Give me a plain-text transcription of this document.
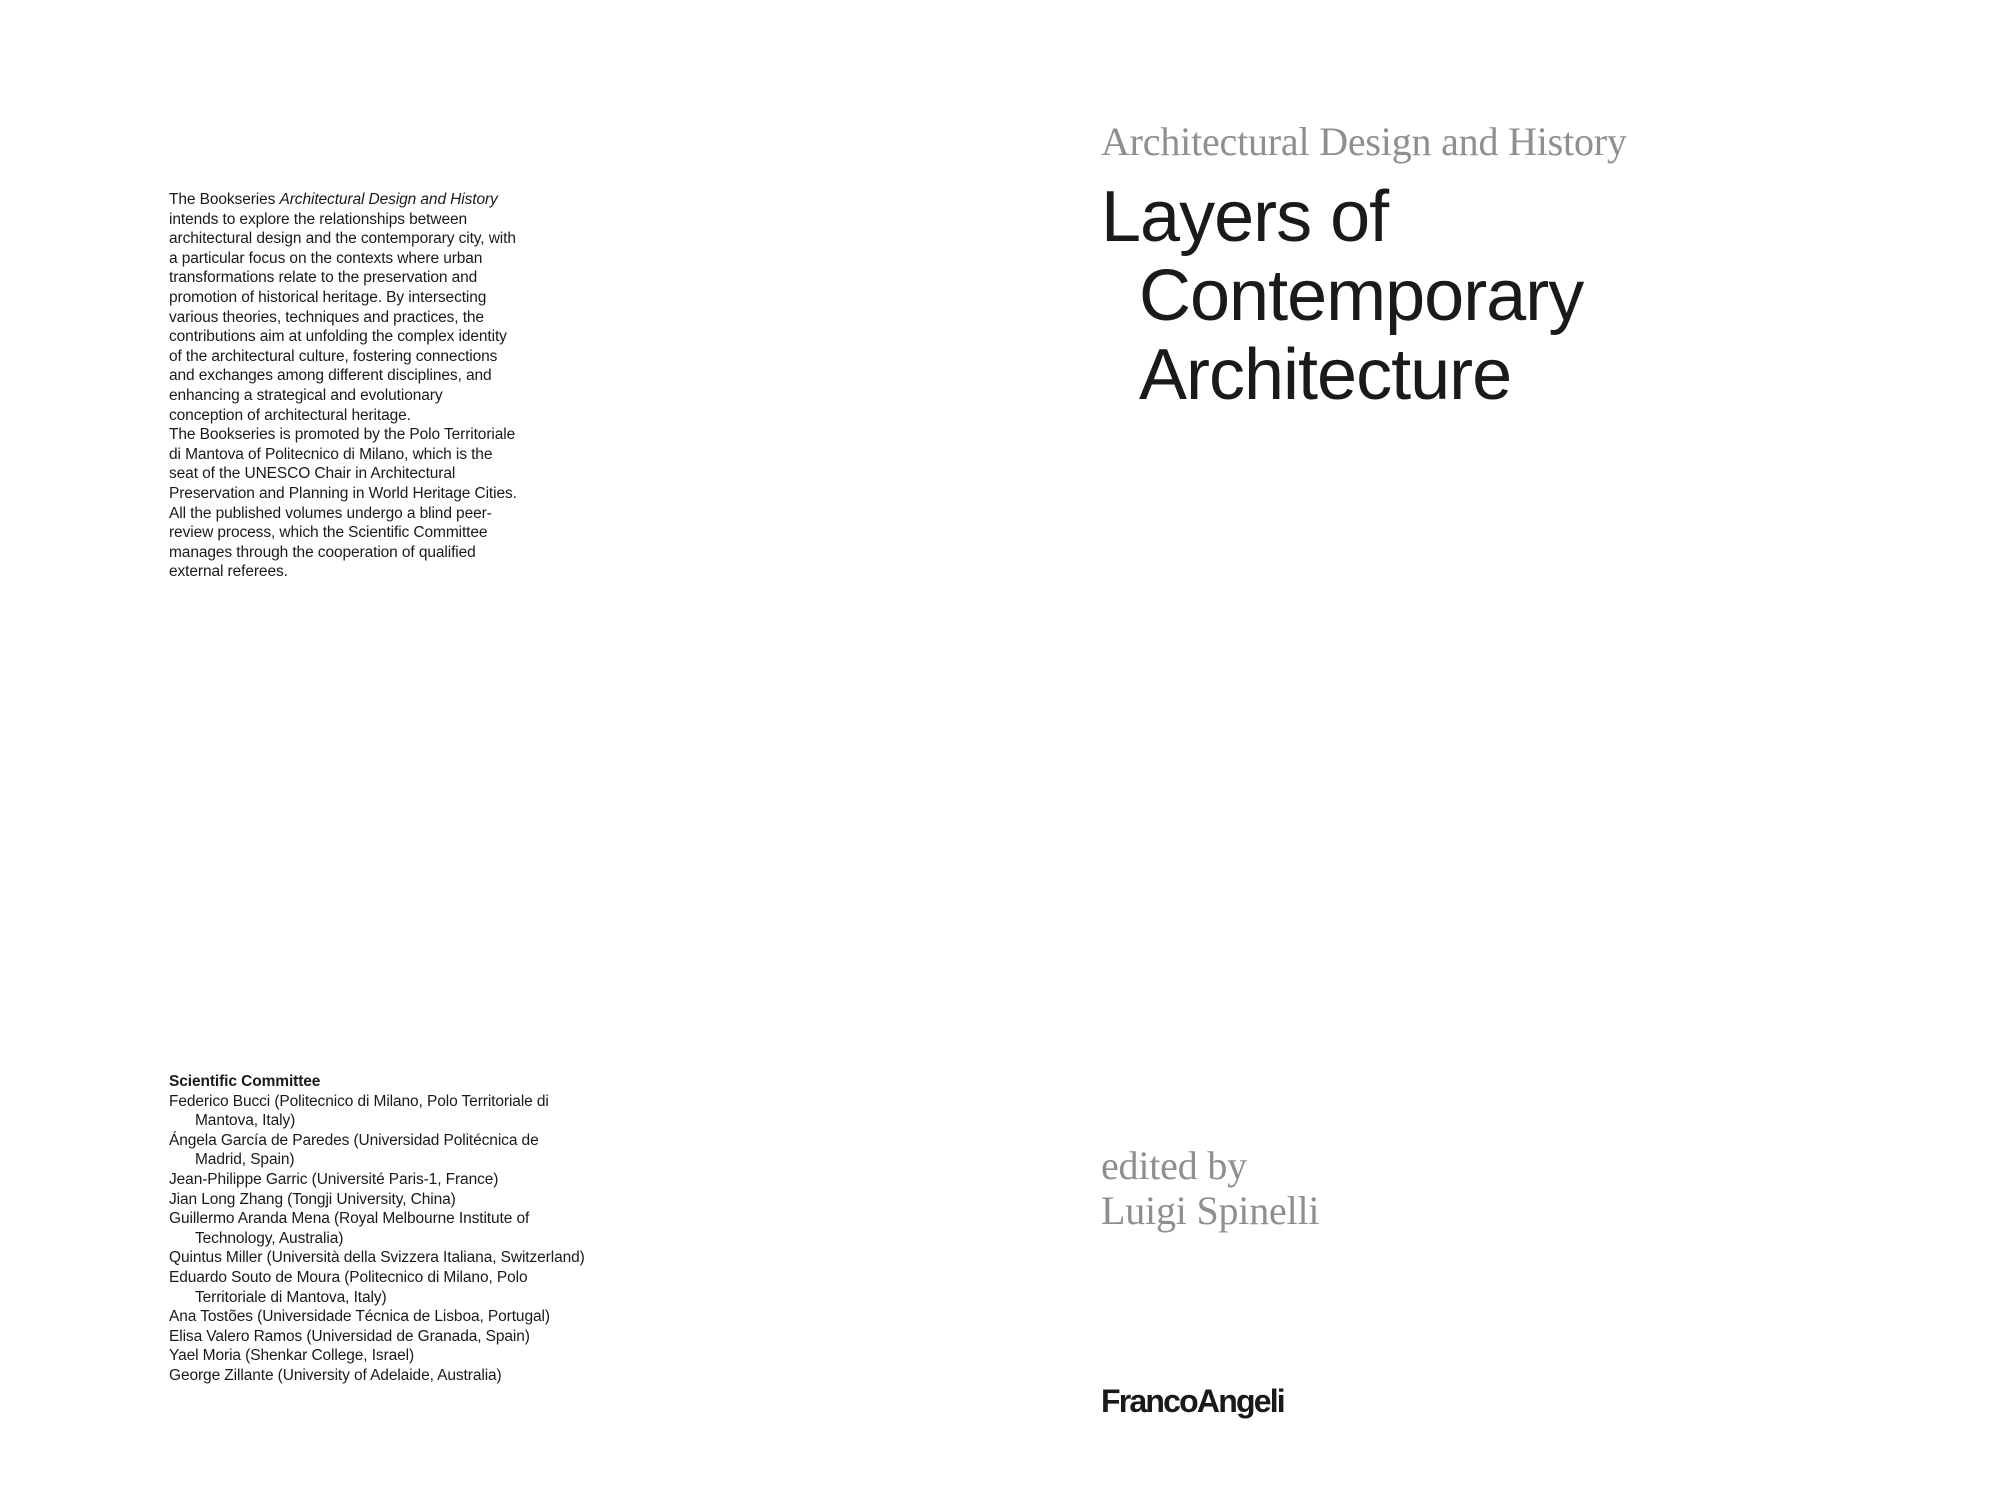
The Bookseries Architectural Design and History intends to explore the relationships between architectural design and the contemporary city, with a particular focus on the contexts where urban transformations relate to the preservation and promotion of historical heritage. By intersecting various theories, techniques and practices, the contributions aim at unfolding the complex identity of the architectural culture, fostering connections and exchanges among different disciplines, and enhancing a strategical and evolutionary conception of architectural heritage.

The Bookseries is promoted by the Polo Territoriale di Mantova of Politecnico di Milano, which is the seat of the UNESCO Chair in Architectural Preservation and Planning in World Heritage Cities.

All the published volumes undergo a blind peer-review process, which the Scientific Committee manages through the cooperation of qualified external referees.

Scientific Committee

Federico Bucci (Politecnico di Milano, Polo Territoriale di Mantova, Italy)
Ángela García de Paredes (Universidad Politécnica de Madrid, Spain)
Jean-Philippe Garric (Université Paris-1, France)
Jian Long Zhang (Tongji University, China)
Guillermo Aranda Mena (Royal Melbourne Institute of Technology, Australia)
Quintus Miller (Università della Svizzera Italiana, Switzerland)
Eduardo Souto de Moura (Politecnico di Milano, Polo Territoriale di Mantova, Italy)
Ana Tostões (Universidade Técnica de Lisboa, Portugal)
Elisa Valero Ramos (Universidad de Granada, Spain)
Yael Moria (Shenkar College, Israel)
George Zillante (University of Adelaide, Australia)
Architectural Design and History
Layers of
Contemporary
Architecture
edited by
Luigi Spinelli
FrancoAngeli
